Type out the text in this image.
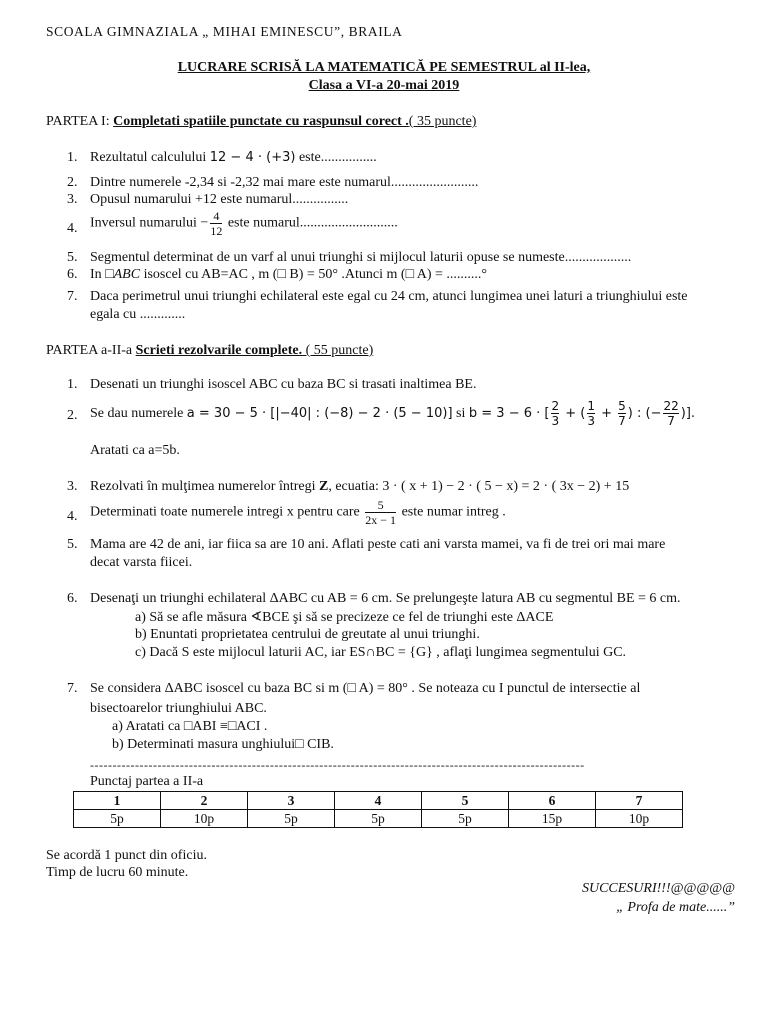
SCOALA GIMNAZIALA „ MIHAI EMINESCU”, BRAILA
LUCRARE SCRISĂ LA MATEMATICĂ PE SEMESTRUL al II-lea,
Clasa a VI-a 20-mai 2019
PARTEA I: Completati spatiile punctate cu raspunsul corect .( 35 puncte)
1. Rezultatul calculului 12 − 4 · (+3) este................
2. Dintre numerele -2,34 si -2,32 mai mare este numarul.........................
3. Opusul numarului +12 este numarul................
4. Inversul numarului − $\frac{4}{12}$ este numarul............................
5. Segmentul determinat de un varf al unui triunghi si mijlocul laturii opuse se numeste...................
6. In □ABC isoscel cu AB=AC , m (□ B) = 50° .Atunci m (□ A) = ..........°
7. Daca perimetrul unui triunghi echilateral este egal cu 24 cm, atunci lungimea unei laturi a triunghiului este
egala cu .............
PARTEA a-II-a Scrieti rezolvarile complete. ( 55 puncte)
1. Desenati un triunghi isoscel ABC cu baza BC si trasati inaltimea BE.
2. Se dau numerele a = 30 − 5 · [|−40| : (−8) − 2 · (5 − 10)] si b = 3 − 6 · [ $\frac{2}{3}$ + ( $\frac{1}{3} + \frac{5}{7}$ ) : (− $\frac{22}{7}$ )].
Aratati ca a=5b.
3. Rezolvati în mulţimea numerelor întregi Z, ecuatia: 3 · ( x + 1) − 2 · ( 5 − x) = 2 · ( 3x − 2) + 15
4. Determinati toate numerele intregi x pentru care $\frac{5}{2x - 1}$ este numar intreg .
5. Mama are 42 de ani, iar fiica sa are 10 ani. Aflati peste cati ani varsta mamei, va fi de trei ori mai mare
decat varsta fiicei.
6. Desenaţi un triunghi echilateral ΔABC cu AB = 6 cm. Se prelungeşte latura AB cu segmentul BE = 6 cm.
a) Să se afle măsura ∢BCE şi să se precizeze ce fel de triunghi este ΔACE
b) Enuntati proprietatea centrului de greutate al unui triunghi.
c) Dacă S este mijlocul laturii AC, iar ES∩BC = {G} , aflaţi lungimea segmentului GC.
7. Se considera ΔABC isoscel cu baza BC si m (□ A) = 80° . Se noteaza cu I punctul de intersectie al
bisectoarelor triunghiului ABC.
a) Aratati ca □ABI ≡□ACI .
b) Determinati masura unghiului□ CIB.
--------------------------------------------------------------------------------------------------------------
Punctaj partea a II-a
1	2	3	4	5	6	7
5p	10p	5p	5p	5p	15p	10p
Se acordă 1 punct din oficiu.
Timp de lucru 60 minute.
SUCCESURI!!!@@@@@
„ Profa de mate......”
